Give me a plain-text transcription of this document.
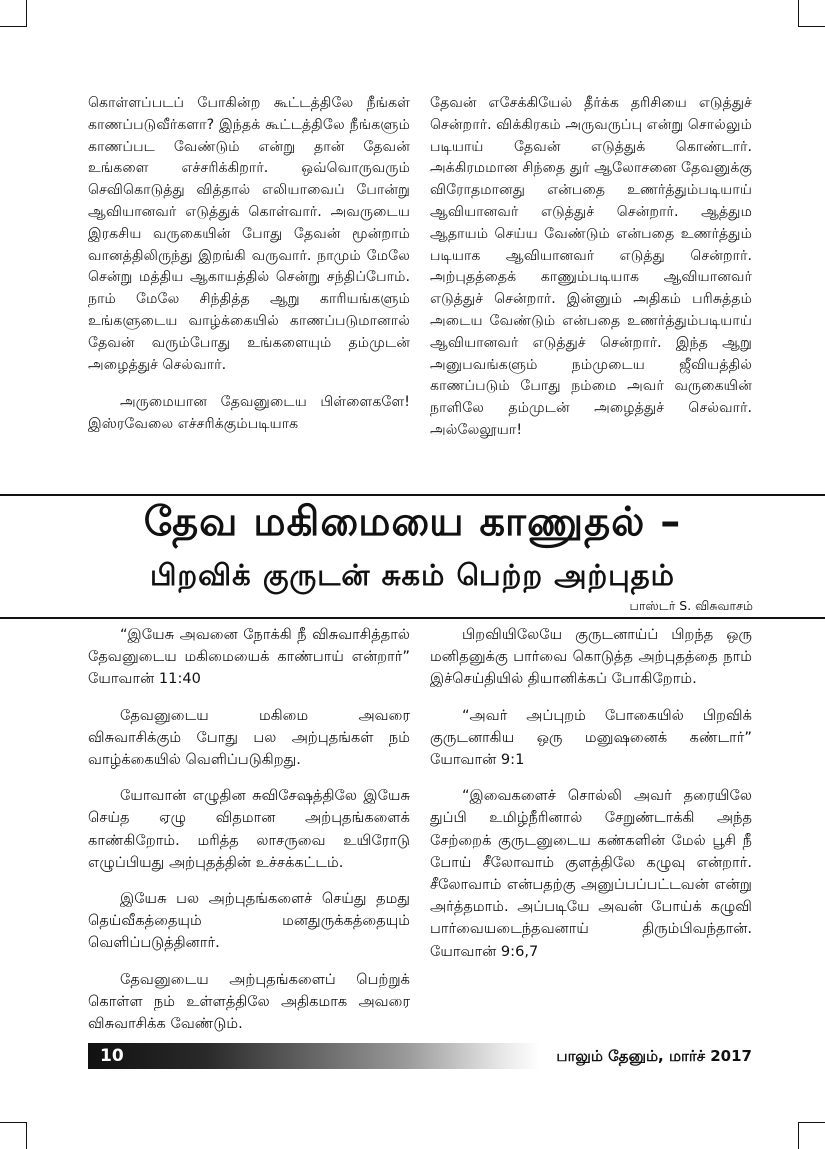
கொள்ளப்படப் போகின்ற கூட்டத்திலே நீங்கள் காணப்படுவீர்களா? இந்தக் கூட்டத்திலே நீங்களும் காணப்பட வேண்டும் என்று தான் தேவன் உங்களை எச்சரிக்கிறார். ஒவ்வொருவரும் செவிகொடுத்து வித்தால் எலியாவைப் போன்று ஆவியானவர் எடுத்துக் கொள்வார். அவருடைய இரகசிய வருகையின் போது தேவன் மூன்றாம் வானத்திலிருந்து இறங்கி வருவார். நாமும் மேலே சென்று மத்திய ஆகாயத்தில் சென்று சந்திப்போம். நாம் மேலே சிந்தித்த ஆறு காரியங்களும் உங்களுடைய வாழ்க்கையில் காணப்படுமானால் தேவன் வரும்போது உங்களையும் தம்முடன் அழைத்துச் செல்வார்.

அருமையான தேவனுடைய பிள்ளைகளே! இஸ்ரவேலை எச்சரிக்கும்படியாக

தேவன் எசேக்கியேல் தீர்க்க தரிசியை எடுத்துச் சென்றார். விக்கிரகம் அருவருப்பு என்று சொல்லும் படியாய் தேவன் எடுத்துக் கொண்டார். அக்கிரமமான சிந்தை துர் ஆலோசனை தேவனுக்கு விரோதமானது என்பதை உணர்த்தும்படியாய் ஆவியானவர் எடுத்துச் சென்றார். ஆத்தும ஆதாயம் செய்ய வேண்டும் என்பதை உணர்த்தும் படியாக ஆவியானவர் எடுத்து சென்றார். அற்புதத்தைக் காணும்படியாக ஆவியானவர் எடுத்துச் சென்றார். இன்னும் அதிகம் பரிசுத்தம் அடைய வேண்டும் என்பதை உணர்த்தும்படியாய் ஆவியானவர் எடுத்துச் சென்றார். இந்த ஆறு அனுபவங்களும் நம்முடைய ஜீவியத்தில் காணப்படும் போது நம்மை அவர் வருகையின் நாளிலே தம்முடன் அழைத்துச் செல்வார். அல்லேலூயா!

தேவ மகிமையை காணுதல் –
பிறவிக் குருடன் சுகம் பெற்ற அற்புதம்
பாஸ்டர் S. விசுவாசம்

“இயேசு அவனை நோக்கி நீ விசுவாசித்தால் தேவனுடைய மகிமையைக் காண்பாய் என்றார்” யோவான் 11:40

தேவனுடைய மகிமை அவரை விசுவாசிக்கும் போது பல அற்புதங்கள் நம் வாழ்க்கையில் வெளிப்படுகிறது.

யோவான் எழுதின சுவிசேஷத்திலே இயேசு செய்த ஏழு விதமான அற்புதங்களைக் காண்கிறோம். மரித்த லாசருவை உயிரோடு எழுப்பியது அற்புதத்தின் உச்சக்கட்டம்.

இயேசு பல அற்புதங்களைச் செய்து தமது தெய்வீகத்தையும் மனதுருக்கத்தையும் வெளிப்படுத்தினார்.

தேவனுடைய அற்புதங்களைப் பெற்றுக் கொள்ள நம் உள்ளத்திலே அதிகமாக அவரை விசுவாசிக்க வேண்டும்.

பிறவியிலேயே குருடனாய்ப் பிறந்த ஒரு மனிதனுக்கு பார்வை கொடுத்த அற்புதத்தை நாம் இச்செய்தியில் தியானிக்கப் போகிறோம்.

“அவர் அப்புறம் போகையில் பிறவிக் குருடனாகிய ஒரு மனுஷனைக் கண்டார்” யோவான் 9:1

“இவைகளைச் சொல்லி அவர் தரையிலே துப்பி உமிழ்நீரினால் சேறுண்டாக்கி அந்த சேற்றைக் குருடனுடைய கண்களின் மேல் பூசி நீ போய் சீலோவாம் குளத்திலே கழுவு என்றார். சீலோவாம் என்பதற்கு அனுப்பப்பட்டவன் என்று அர்த்தமாம். அப்படியே அவன் போய்க் கழுவி பார்வையடைந்தவனாய் திரும்பிவந்தான். யோவான் 9:6,7

10	பாலும் தேனும், மார்ச் 2017
